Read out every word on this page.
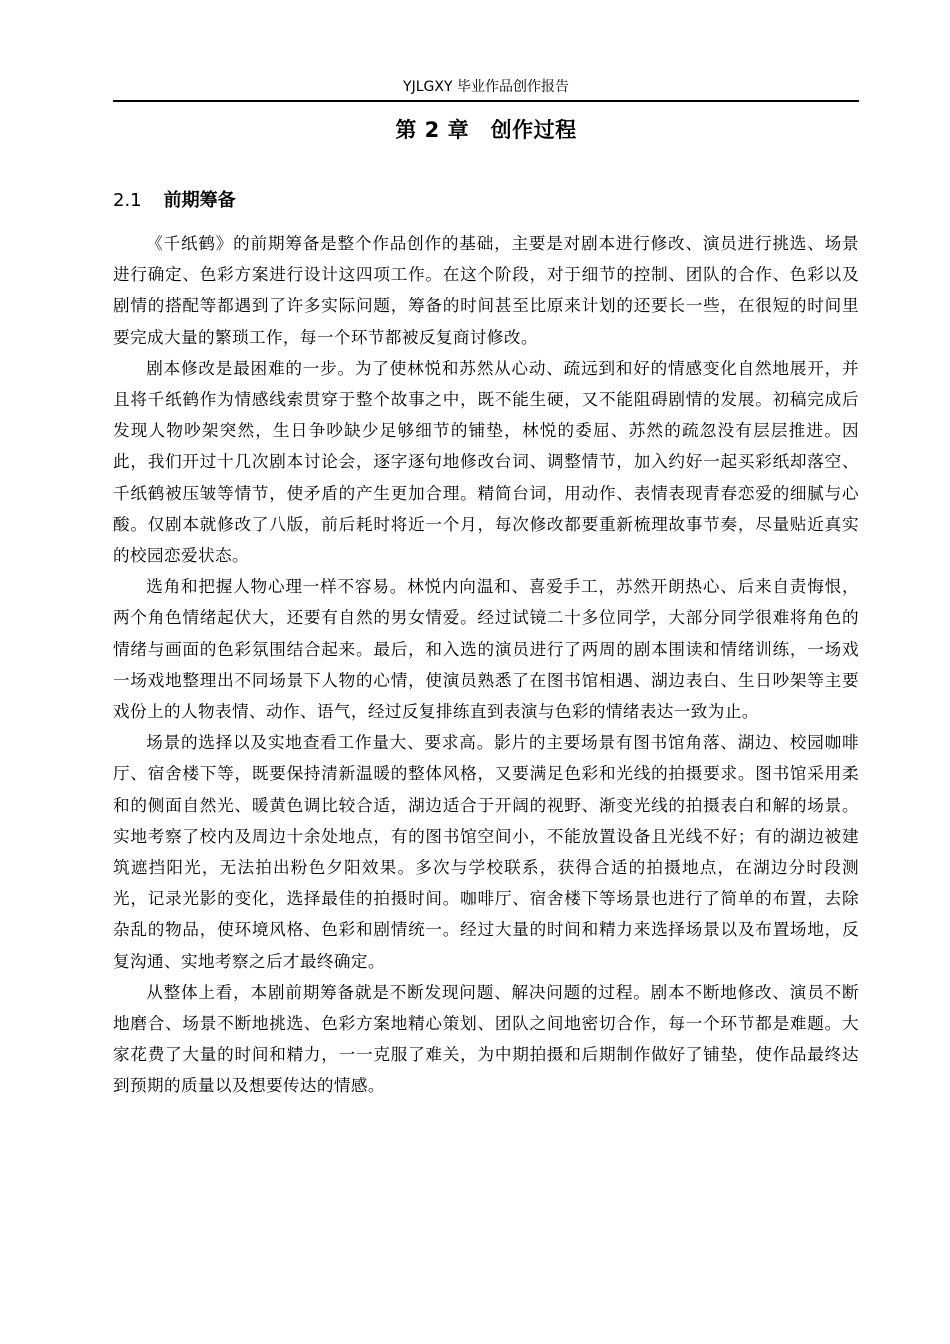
YJLGXY 毕业作品创作报告
第 2 章　创作过程
2.1 前期筹备

《千纸鹤》的前期筹备是整个作品创作的基础，主要是对剧本进行修改、演员进行挑选、场景进行确定、色彩方案进行设计这四项工作。在这个阶段，对于细节的控制、团队的合作、色彩以及剧情的搭配等都遇到了许多实际问题，筹备的时间甚至比原来计划的还要长一些，在很短的时间里要完成大量的繁琐工作，每一个环节都被反复商讨修改。

剧本修改是最困难的一步。为了使林悦和苏然从心动、疏远到和好的情感变化自然地展开，并且将千纸鹤作为情感线索贯穿于整个故事之中，既不能生硬，又不能阻碍剧情的发展。初稿完成后发现人物吵架突然，生日争吵缺少足够细节的铺垫，林悦的委屈、苏然的疏忽没有层层推进。因此，我们开过十几次剧本讨论会，逐字逐句地修改台词、调整情节，加入约好一起买彩纸却落空、千纸鹤被压皱等情节，使矛盾的产生更加合理。精简台词，用动作、表情表现青春恋爱的细腻与心酸。仅剧本就修改了八版，前后耗时将近一个月，每次修改都要重新梳理故事节奏，尽量贴近真实的校园恋爱状态。

选角和把握人物心理一样不容易。林悦内向温和、喜爱手工，苏然开朗热心、后来自责悔恨，两个角色情绪起伏大，还要有自然的男女情爱。经过试镜二十多位同学，大部分同学很难将角色的情绪与画面的色彩氛围结合起来。最后，和入选的演员进行了两周的剧本围读和情绪训练，一场戏一场戏地整理出不同场景下人物的心情，使演员熟悉了在图书馆相遇、湖边表白、生日吵架等主要戏份上的人物表情、动作、语气，经过反复排练直到表演与色彩的情绪表达一致为止。

场景的选择以及实地查看工作量大、要求高。影片的主要场景有图书馆角落、湖边、校园咖啡厅、宿舍楼下等，既要保持清新温暖的整体风格，又要满足色彩和光线的拍摄要求。图书馆采用柔和的侧面自然光、暖黄色调比较合适，湖边适合于开阔的视野、渐变光线的拍摄表白和解的场景。实地考察了校内及周边十余处地点，有的图书馆空间小，不能放置设备且光线不好；有的湖边被建筑遮挡阳光，无法拍出粉色夕阳效果。多次与学校联系，获得合适的拍摄地点，在湖边分时段测光，记录光影的变化，选择最佳的拍摄时间。咖啡厅、宿舍楼下等场景也进行了简单的布置，去除杂乱的物品，使环境风格、色彩和剧情统一。经过大量的时间和精力来选择场景以及布置场地，反复沟通、实地考察之后才最终确定。

从整体上看，本剧前期筹备就是不断发现问题、解决问题的过程。剧本不断地修改、演员不断地磨合、场景不断地挑选、色彩方案地精心策划、团队之间地密切合作，每一个环节都是难题。大家花费了大量的时间和精力，一一克服了难关，为中期拍摄和后期制作做好了铺垫，使作品最终达到预期的质量以及想要传达的情感。
